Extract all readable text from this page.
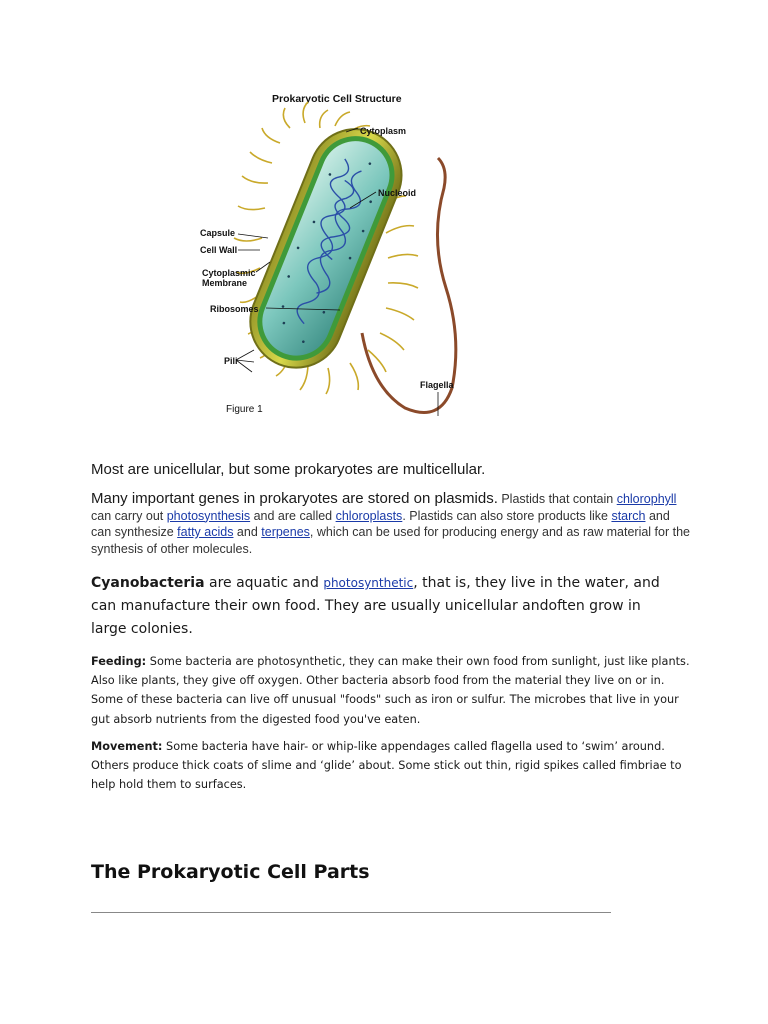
Prokaryotic Cell Structure
Cytoplasm
Nucleoid
Capsule
Cell Wall
Cytoplasmic
Membrane
Ribosomes
Pili
Flagella
Figure 1
Most are unicellular, but some prokaryotes are multicellular.
Many important genes in prokaryotes are stored on plasmids. Plastids that contain chlorophyll can carry out photosynthesis and are called chloroplasts. Plastids can also store products like starch and can synthesize fatty acids and terpenes, which can be used for producing energy and as raw material for the synthesis of other molecules.
Cyanobacteria are aquatic and photosynthetic, that is, they live in the water, and can manufacture their own food. They are usually unicellular andoften grow in large colonies.
Feeding: Some bacteria are photosynthetic, they can make their own food from sunlight, just like plants. Also like plants, they give off oxygen. Other bacteria absorb food from the material they live on or in. Some of these bacteria can live off unusual "foods" such as iron or sulfur. The microbes that live in your gut absorb nutrients from the digested food you've eaten.
Movement: Some bacteria have hair- or whip-like appendages called flagella used to ‘swim’ around. Others produce thick coats of slime and ‘glide’ about. Some stick out thin, rigid spikes called fimbriae to help hold them to surfaces.
The Prokaryotic Cell Parts
